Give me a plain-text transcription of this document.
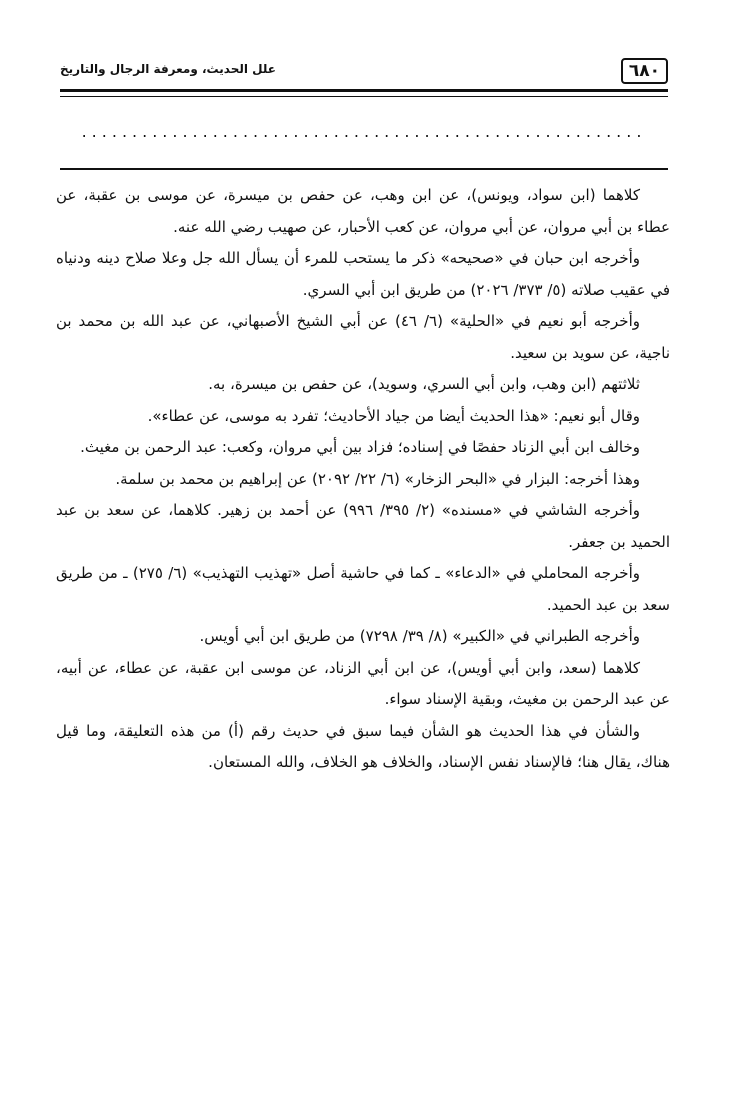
٦٨٠
علل الحديث، ومعرفة الرجال والتاريخ
........................................................

كلاهما (ابن سواد، ويونس)، عن ابن وهب، عن حفص بن ميسرة، عن موسى بن عقبة، عن عطاء بن أبي مروان، عن أبي مروان، عن كعب الأحبار، عن صهيب رضي الله عنه.

وأخرجه ابن حبان في «صحيحه» ذكر ما يستحب للمرء أن يسأل الله جل وعلا صلاح دينه ودنياه في عقيب صلاته (٥/ ٣٧٣/ ٢٠٢٦) من طريق ابن أبي السري.

وأخرجه أبو نعيم في «الحلية» (٦/ ٤٦) عن أبي الشيخ الأصبهاني، عن عبد الله بن محمد بن ناجية، عن سويد بن سعيد.

ثلاثتهم (ابن وهب، وابن أبي السري، وسويد)، عن حفص بن ميسرة، به.

وقال أبو نعيم: «هذا الحديث أيضا من جياد الأحاديث؛ تفرد به موسى، عن عطاء».

وخالف ابن أبي الزناد حفصًا في إسناده؛ فزاد بين أبي مروان، وكعب: عبد الرحمن بن مغيث.

وهذا أخرجه: البزار في «البحر الزخار» (٦/ ٢٢/ ٢٠٩٢) عن إبراهيم بن محمد بن سلمة.

وأخرجه الشاشي في «مسنده» (٢/ ٣٩٥/ ٩٩٦) عن أحمد بن زهير. كلاهما، عن سعد بن عبد الحميد بن جعفر.

وأخرجه المحاملي في «الدعاء» ـ كما في حاشية أصل «تهذيب التهذيب» (٦/ ٢٧٥) ـ من طريق سعد بن عبد الحميد.

وأخرجه الطبراني في «الكبير» (٨/ ٣٩/ ٧٢٩٨) من طريق ابن أبي أويس.

كلاهما (سعد، وابن أبي أويس)، عن ابن أبي الزناد، عن موسى ابن عقبة، عن عطاء، عن أبيه، عن عبد الرحمن بن مغيث، وبقية الإسناد سواء.

والشأن في هذا الحديث هو الشأن فيما سبق في حديث رقم (أ) من هذه التعليقة، وما قيل هناك، يقال هنا؛ فالإسناد نفس الإسناد، والخلاف هو الخلاف، والله المستعان.
